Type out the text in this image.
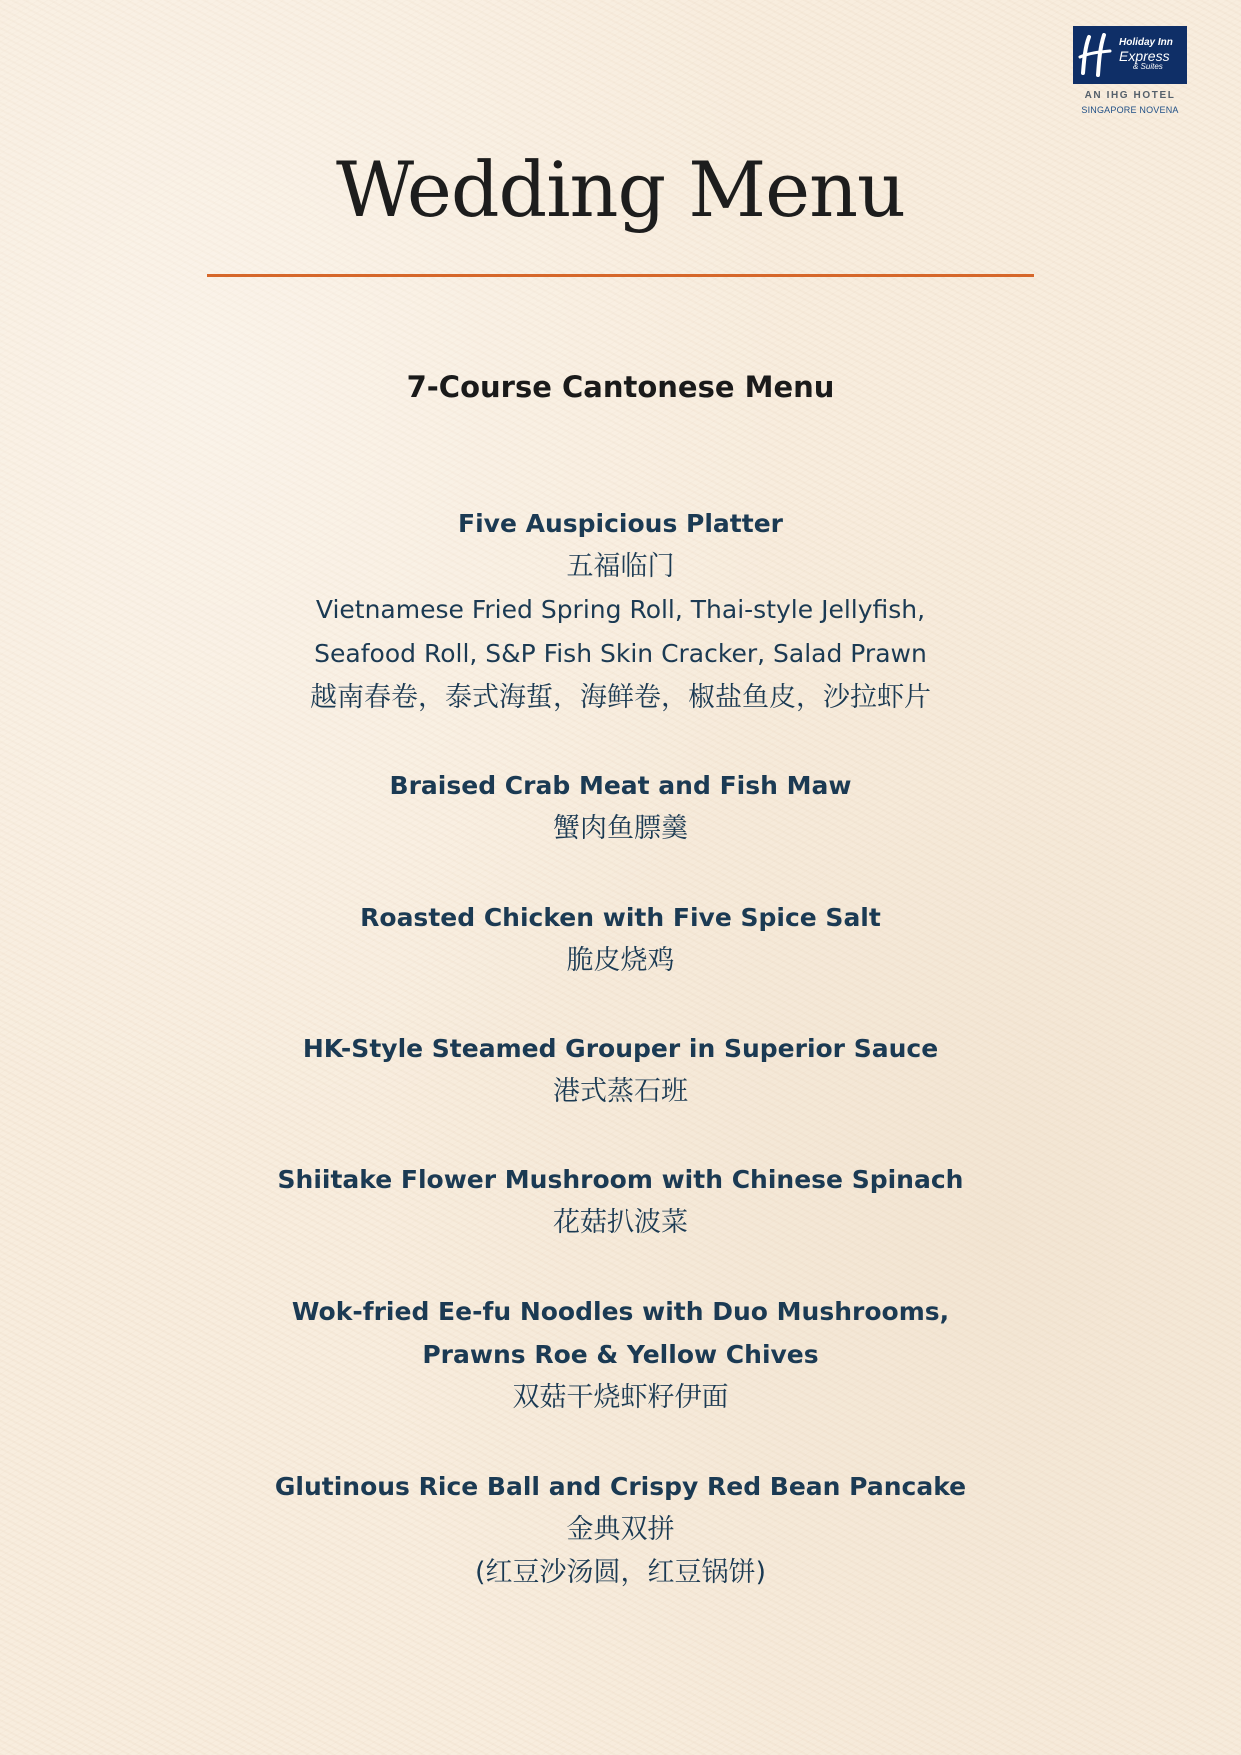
Holiday Inn
Express
& Suites
AN IHG HOTEL
SINGAPORE NOVENA
Wedding Menu
7-Course Cantonese Menu
Five Auspicious Platter
五福临门
Vietnamese Fried Spring Roll, Thai-style Jellyfish,
Seafood Roll, S&P Fish Skin Cracker, Salad Prawn
越南春卷，泰式海蜇，海鲜卷，椒盐鱼皮，沙拉虾片
Braised Crab Meat and Fish Maw
蟹肉鱼膘羹
Roasted Chicken with Five Spice Salt
脆皮烧鸡
HK-Style Steamed Grouper in Superior Sauce
港式蒸石班
Shiitake Flower Mushroom with Chinese Spinach
花菇扒波菜
Wok-fried Ee-fu Noodles with Duo Mushrooms,
Prawns Roe & Yellow Chives
双菇干烧虾籽伊面
Glutinous Rice Ball and Crispy Red Bean Pancake
金典双拼
(红豆沙汤圆，红豆锅饼)
